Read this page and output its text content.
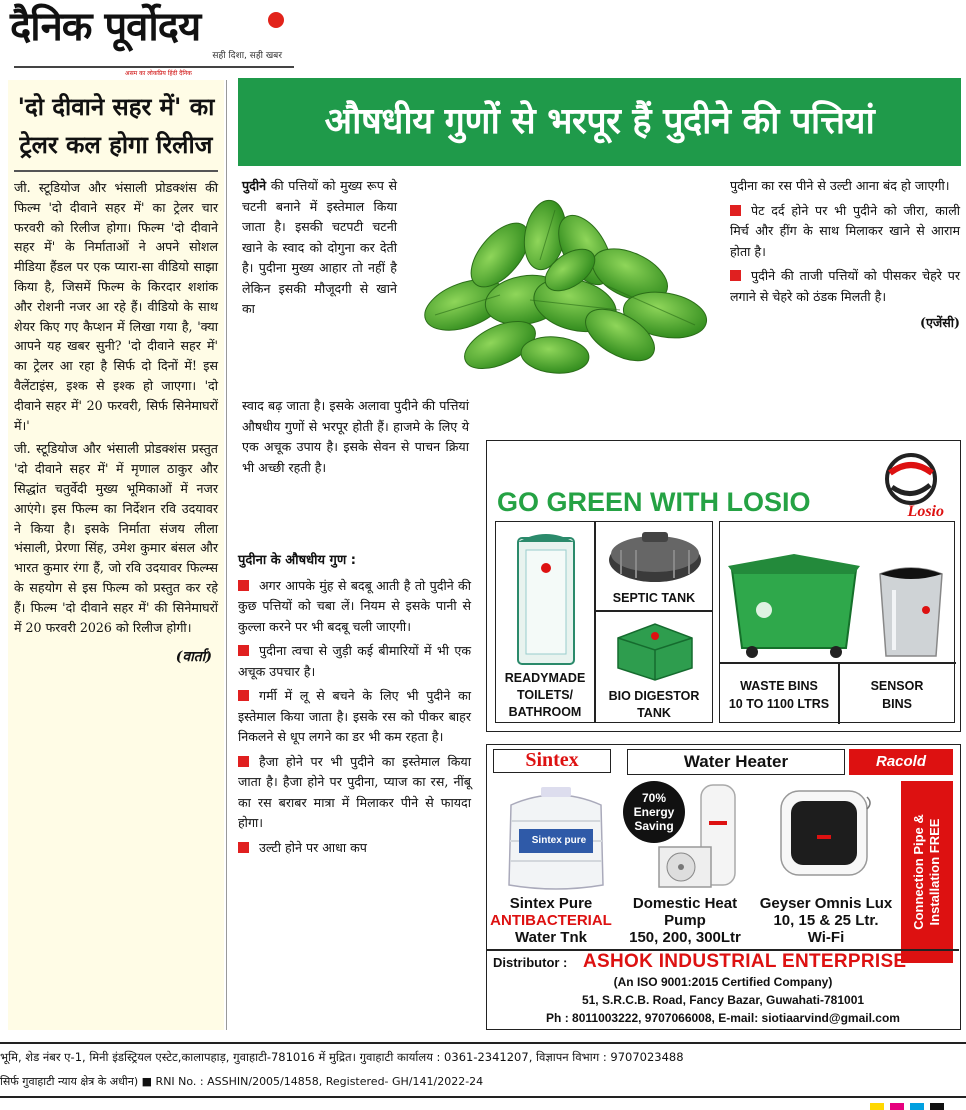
दैनिक पूर्वोदय
सही दिशा, सही खबर
असम का लोकप्रिय हिंदी दैनिक
'दो दीवाने सहर में' का ट्रेलर कल होगा रिलीज

जी. स्टूडियोज और भंसाली प्रोडक्शंस की फिल्म 'दो दीवाने सहर में' का ट्रेलर चार फरवरी को रिलीज होगा। फिल्म 'दो दीवाने सहर में' के निर्माताओं ने अपने सोशल मीडिया हैंडल पर एक प्यारा-सा वीडियो साझा किया है, जिसमें फिल्म के किरदार शशांक और रोशनी नजर आ रहे हैं। वीडियो के साथ शेयर किए गए कैप्शन में लिखा गया है, 'क्या आपने यह खबर सुनी? 'दो दीवाने सहर में' का ट्रेलर आ रहा है सिर्फ दो दिनों में! इस वैलेंटाइंस, इश्क से इश्क हो जाएगा। 'दो दीवाने सहर में' 20 फरवरी, सिर्फ सिनेमाघरों में।'

जी. स्टूडियोज और भंसाली प्रोडक्शंस प्रस्तुत 'दो दीवाने सहर में' में मृणाल ठाकुर और सिद्धांत चतुर्वेदी मुख्य भूमिकाओं में नजर आएंगे। इस फिल्म का निर्देशन रवि उदयावर ने किया है। इसके निर्माता संजय लीला भंसाली, प्रेरणा सिंह, उमेश कुमार बंसल और भारत कुमार रंगा हैं, जो रवि उदयावर फिल्म्स के सहयोग से इस फिल्म को प्रस्तुत कर रहे हैं। फिल्म 'दो दीवाने सहर में' की सिनेमाघरों में 20 फरवरी 2026 को रिलीज होगी।

(वार्ता)
औषधीय गुणों से भरपूर हैं पुदीने की पत्तियां
पुदीने की पत्तियों को मुख्य रूप से चटनी बनाने में इस्तेमाल किया जाता है। इसकी चटपटी चटनी खाने के स्वाद को दोगुना कर देती है। पुदीना मुख्य आहार तो नहीं है लेकिन इसकी मौजूदगी से खाने का
स्वाद बढ़ जाता है। इसके अलावा पुदीने की पत्तियां औषधीय गुणों से भरपूर होती हैं। हाजमे के लिए ये एक अचूक उपाय है। इसके सेवन से पाचन क्रिया भी अच्छी रहती है।
पुदीना के औषधीय गुण :
अगर आपके मुंह से बदबू आती है तो पुदीने की कुछ पत्तियों को चबा लें। नियम से इसके पानी से कुल्ला करने पर भी बदबू चली जाएगी।
पुदीना त्वचा से जुड़ी कई बीमारियों में भी एक अचूक उपचार है।
गर्मी में लू से बचने के लिए भी पुदीने का इस्तेमाल किया जाता है। इसके रस को पीकर बाहर निकलने से धूप लगने का डर भी कम रहता है।
हैजा होने पर भी पुदीने का इस्तेमाल किया जाता है। हैजा होने पर पुदीना, प्याज का रस, नींबू का रस बराबर मात्रा में मिलाकर पीने से फायदा होगा।
उल्टी होने पर आधा कप
पुदीना का रस पीने से उल्टी आना बंद हो जाएगी।
पेट दर्द होने पर भी पुदीने को जीरा, काली मिर्च और हींग के साथ मिलाकर खाने से आराम होता है।
पुदीने की ताजी पत्तियों को पीसकर चेहरे पर लगाने से चेहरे को ठंडक मिलती है।
(एजेंसी)
GO GREEN WITH LOSIO	Losio
READYMADE
TOILETS/
BATHROOM
SEPTIC TANK
BIO DIGESTOR
TANK
WASTE BINS
10 TO 1100 LTRS
SENSOR
BINS
Sintex	Water Heater	Racold
Sintex pure
70%
Energy
Saving	Connection Pipe & Installation FREE
Sintex Pure
ANTIBACTERIAL
Water Tnk
Domestic Heat
Pump
150, 200, 300Ltr
Geyser Omnis Lux
10, 15 & 25 Ltr.
Wi-Fi
Distributor : ASHOK INDUSTRIAL ENTERPRISE
(An ISO 9001:2015 Certified Company)
51, S.R.C.B. Road, Fancy Bazar, Guwahati-781001
Ph : 8011003222, 9707066008, E-mail: siotiaarvind@gmail.com
भूमि, शेड नंबर ए-1, मिनी इंडस्ट्रियल एस्टेट,कालापहाड़, गुवाहाटी-781016 में मुद्रित। गुवाहाटी कार्यालय : 0361-2341207, विज्ञापन विभाग : 9707023488
सिर्फ गुवाहाटी न्याय क्षेत्र के अधीन) ■ RNI No. : ASSHIN/2005/14858, Registered- GH/141/2022-24
